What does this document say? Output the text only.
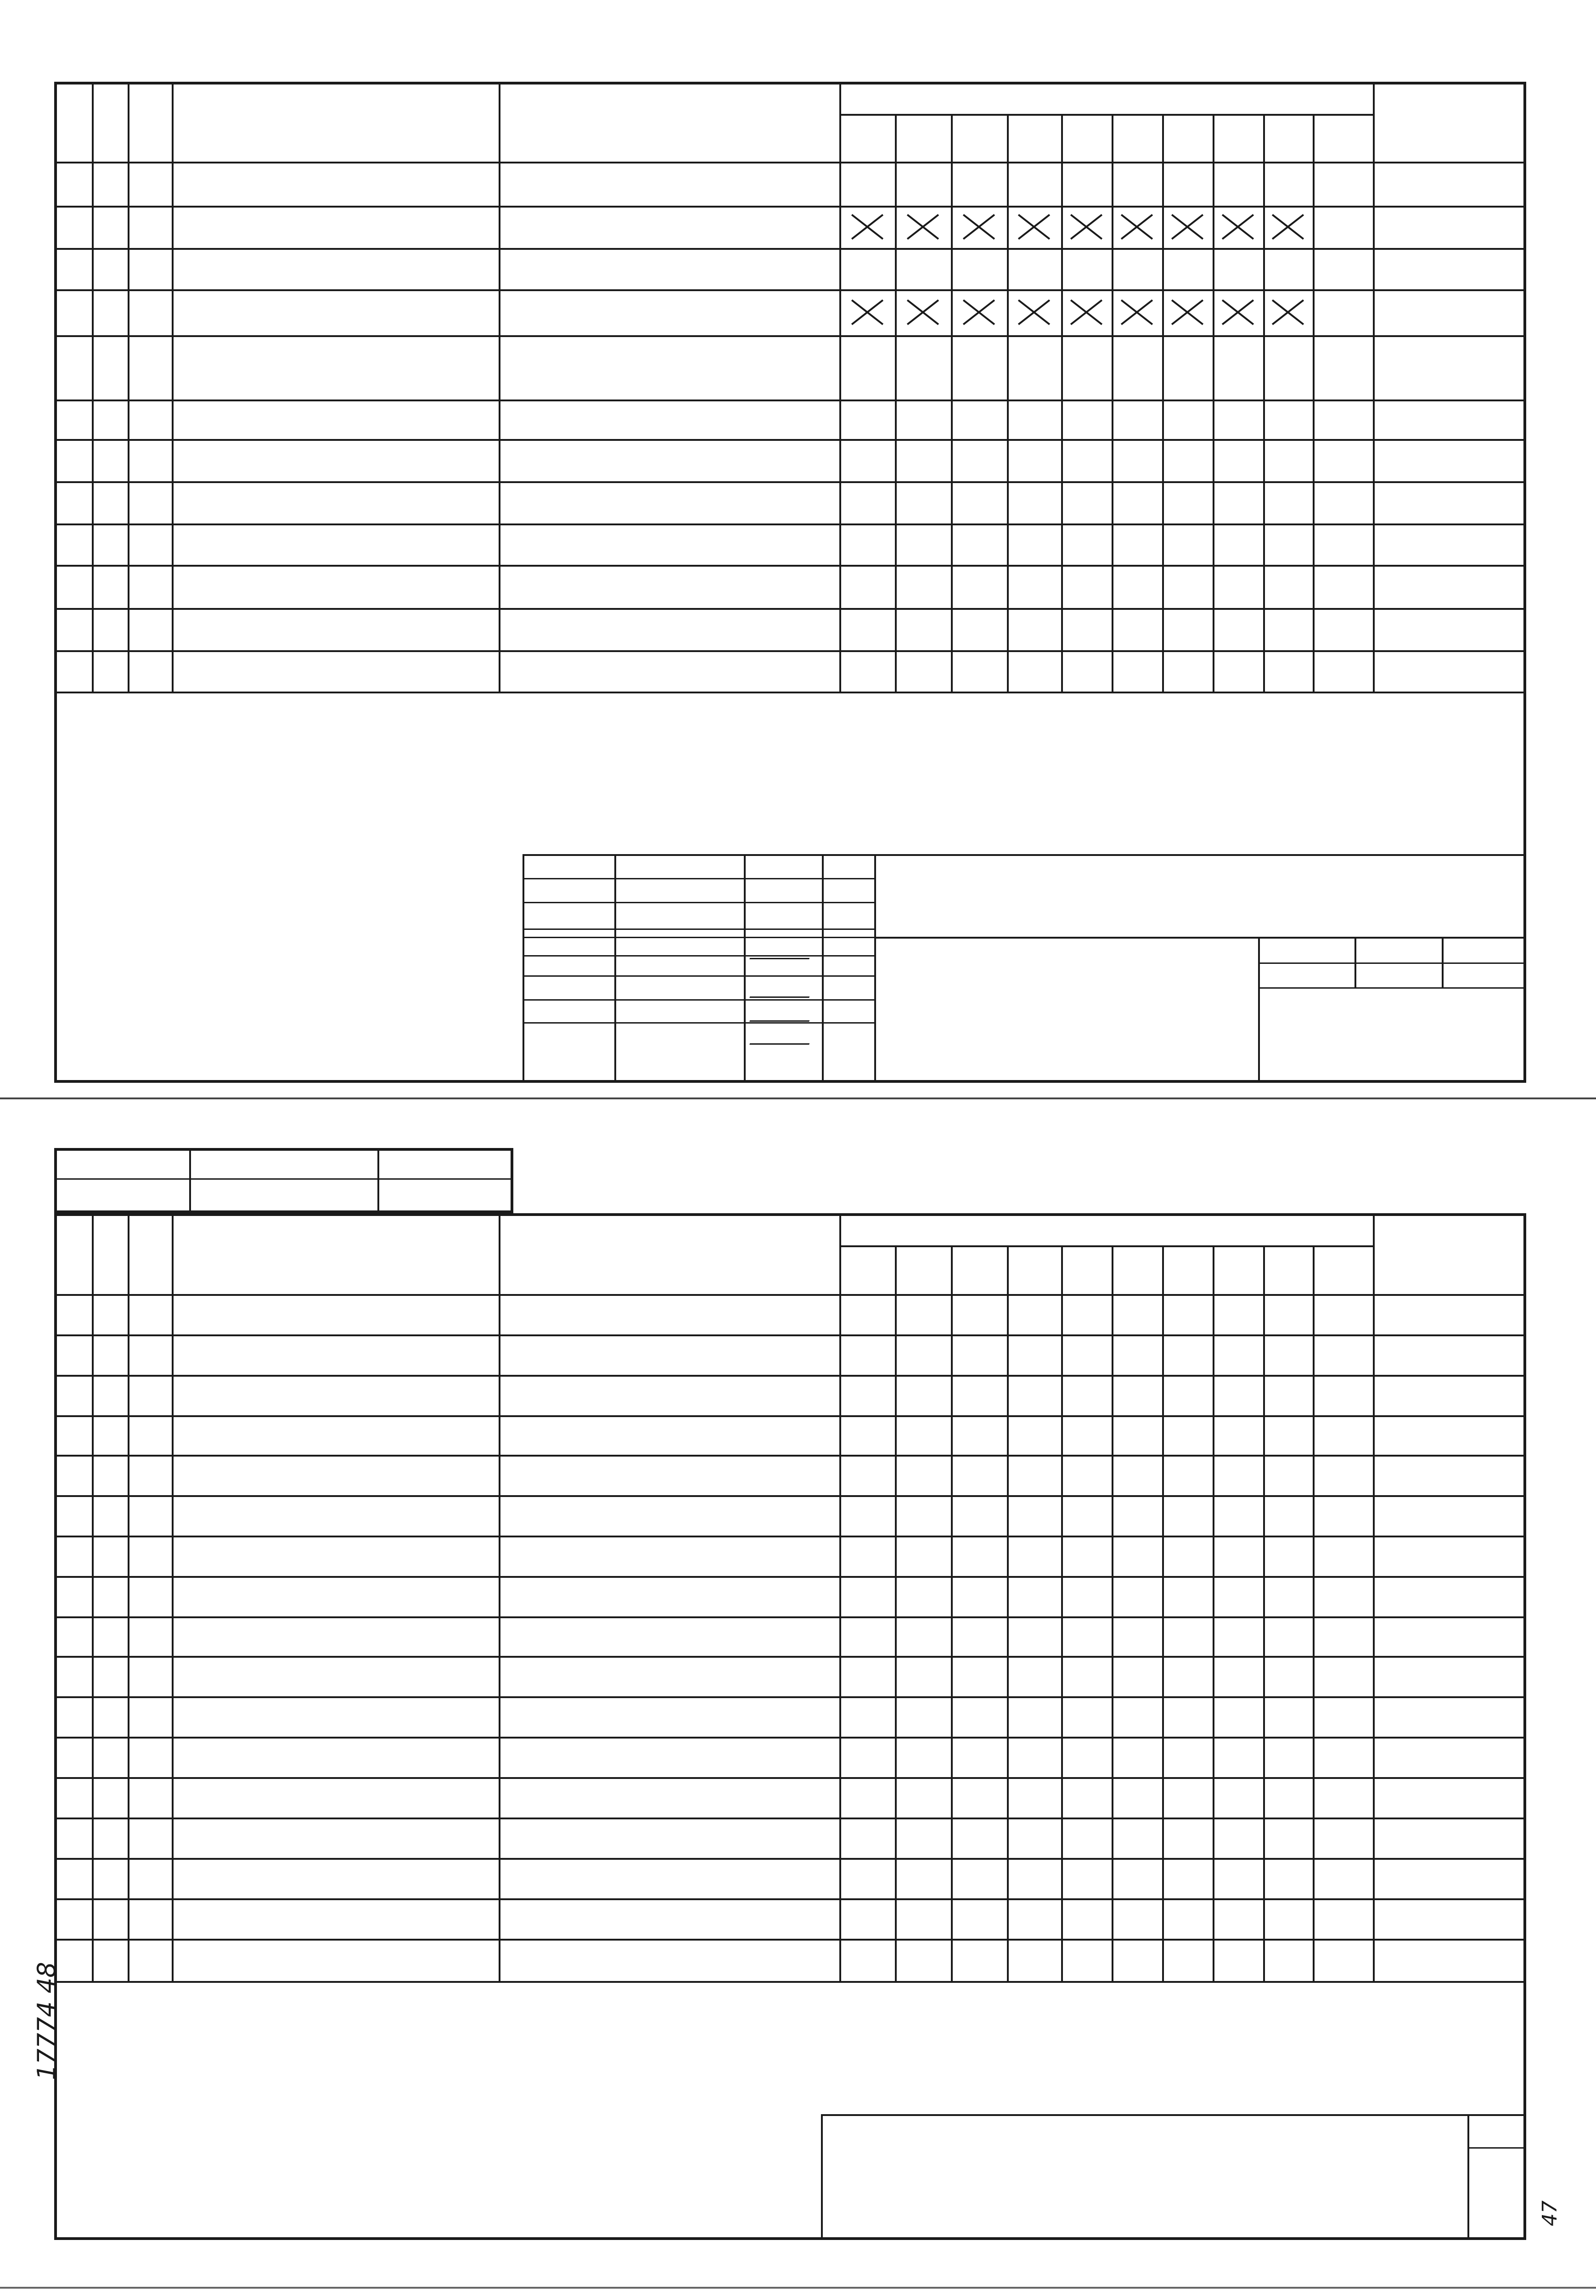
17774 48
47
